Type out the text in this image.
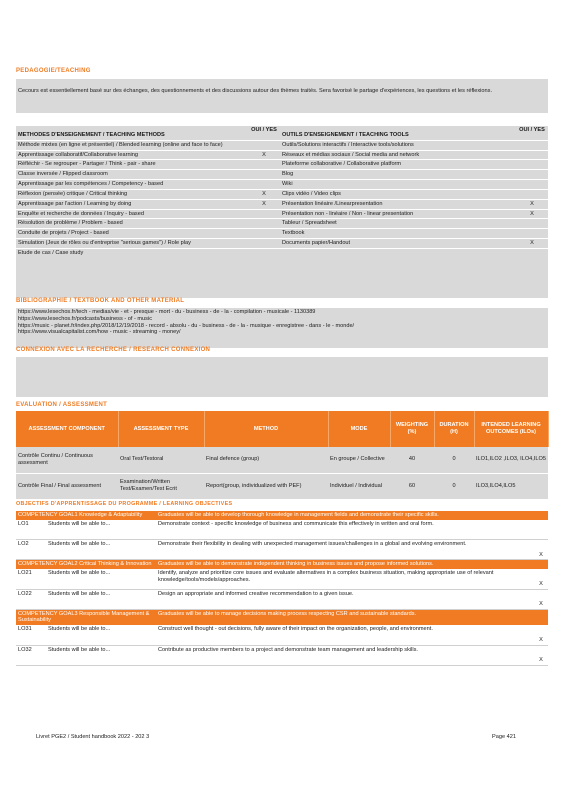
PEDAGOGIE/TEACHING
Cecours est essentiellement basé sur des échanges, des questionnements et des discussions autour des thèmes traités. Sera favorisé le partage d'expériences, les questions et les réflexions.
METHODES D'ENSEIGNEMENT / TEACHING METHODS	OUI / YES	OUTILS D'ENSEIGNEMENT / TEACHING TOOLS	OUI / YES
Méthode mixtes (en ligne et présentiel) / Blended learning (online and face to face)		Outils/Solutions interactifs / Interactive tools/solutions	
Apprentissage collaboratif/Collaborative learning	X	Réseaux et médias sociaux / Social media and network	
Réfléchir - Se regrouper - Partager / Think - pair - share		Plateforme collaborative / Collaborative platform	
Classe inversée / Flipped classroom		Blog	
Apprentissage par les compétences / Competency - based		Wiki	
Réflexion (pensée) critique / Critical thinking	X	Clips vidéo / Video clips	
Apprentissage par l'action / Learning by doing	X	Présentation linéaire /Linearpresentation	X
Enquête et recherche de données / Inquiry - based		Présentation non - linéaire / Non - linear presentation	X
Résolution de problème / Problem - based		Tableur / Spreadsheet	
Conduite de projets / Project - based		Textbook	
Simulation (Jeux de rôles ou d'entreprise "serious games") / Role play		Documents papier/Handout	X
Etude de cas / Case study			
BIBLIOGRAPHIE / TEXTBOOK AND OTHER MATERIAL
https://www.lesechos.fr/tech - medias/vie - et - presque - mort - du - business - de - la - compilation - musicale - 1130389
https://www.lesechos.fr/podcasts/business - of - music
https://music - planet.fr/index.php/2018/12/19/2018 - record - absolu - du - business - de - la - musique - enregistree - dans - le - monde/
https://www.visualcapitalist.com/how - music - streaming - money/
CONNEXION AVEC LA RECHERCHE / RESEARCH CONNEXION
EVALUATION / ASSESSMENT
ASSESSMENT COMPONENT	ASSESSMENT TYPE	METHOD	MODE	WEIGHTING (%)	DURATION (H)	INTENDED LEARNING OUTCOMES (ILOs)
Contrôle Continu / Continuous assessment	Oral Test/Testoral	Final defence (group)	En groupe / Collective	40	0	ILO1,ILO2 ,ILO3, ILO4,ILO5
Contrôle Final / Final assessment	Examination/Written Test/Examen/Test Ecrit	Report(group, individualized with PEF)	Individuel / Individual	60	0	ILO3,ILO4,ILO5
OBJECTIFS D'APPRENTISSAGE DU PROGRAMME / LEARNING OBJECTIVES
COMPETENCY GOAL1 Knowledge & Adaptability		Graduates will be able to develop thorough knowledge in management fields and demonstrate their specific skills.	
LO1	Students will be able to...	Demonstrate context - specific knowledge of business and communicate this effectively in written and oral form.	
LO2	Students will be able to...	Demonstrate their flexibility in dealing with unexpected management issues/challenges in a global and evolving environment.	X
COMPETENCY GOAL2 Critical Thinking & Innovation		Graduates will be able to demonstrate independent thinking in business issues and propose informed solutions.	
LO21	Students will be able to...	Identify, analyze and prioritize core issues and evaluate alternatives in a complex business situation, making appropriate use of relevant knowledge/tools/models/approaches.	X
LO22	Students will be able to...	Design an appropriate and informed creative recommendation to a given issue.	X
COMPETENCY GOAL3 Responsible Management & Sustainability		Graduates will be able to manage decisions making process respecting CSR and sustainable standards.	
LO31	Students will be able to...	Construct well thought - out decisions, fully aware of their impact on the organization, people, and environment.	X
LO32	Students will be able to...	Contribute as productive members to a project and demonstrate team management and leadership skills.	X
Livret PGE2 / Student handbook 2022 - 202 3	Page 421
